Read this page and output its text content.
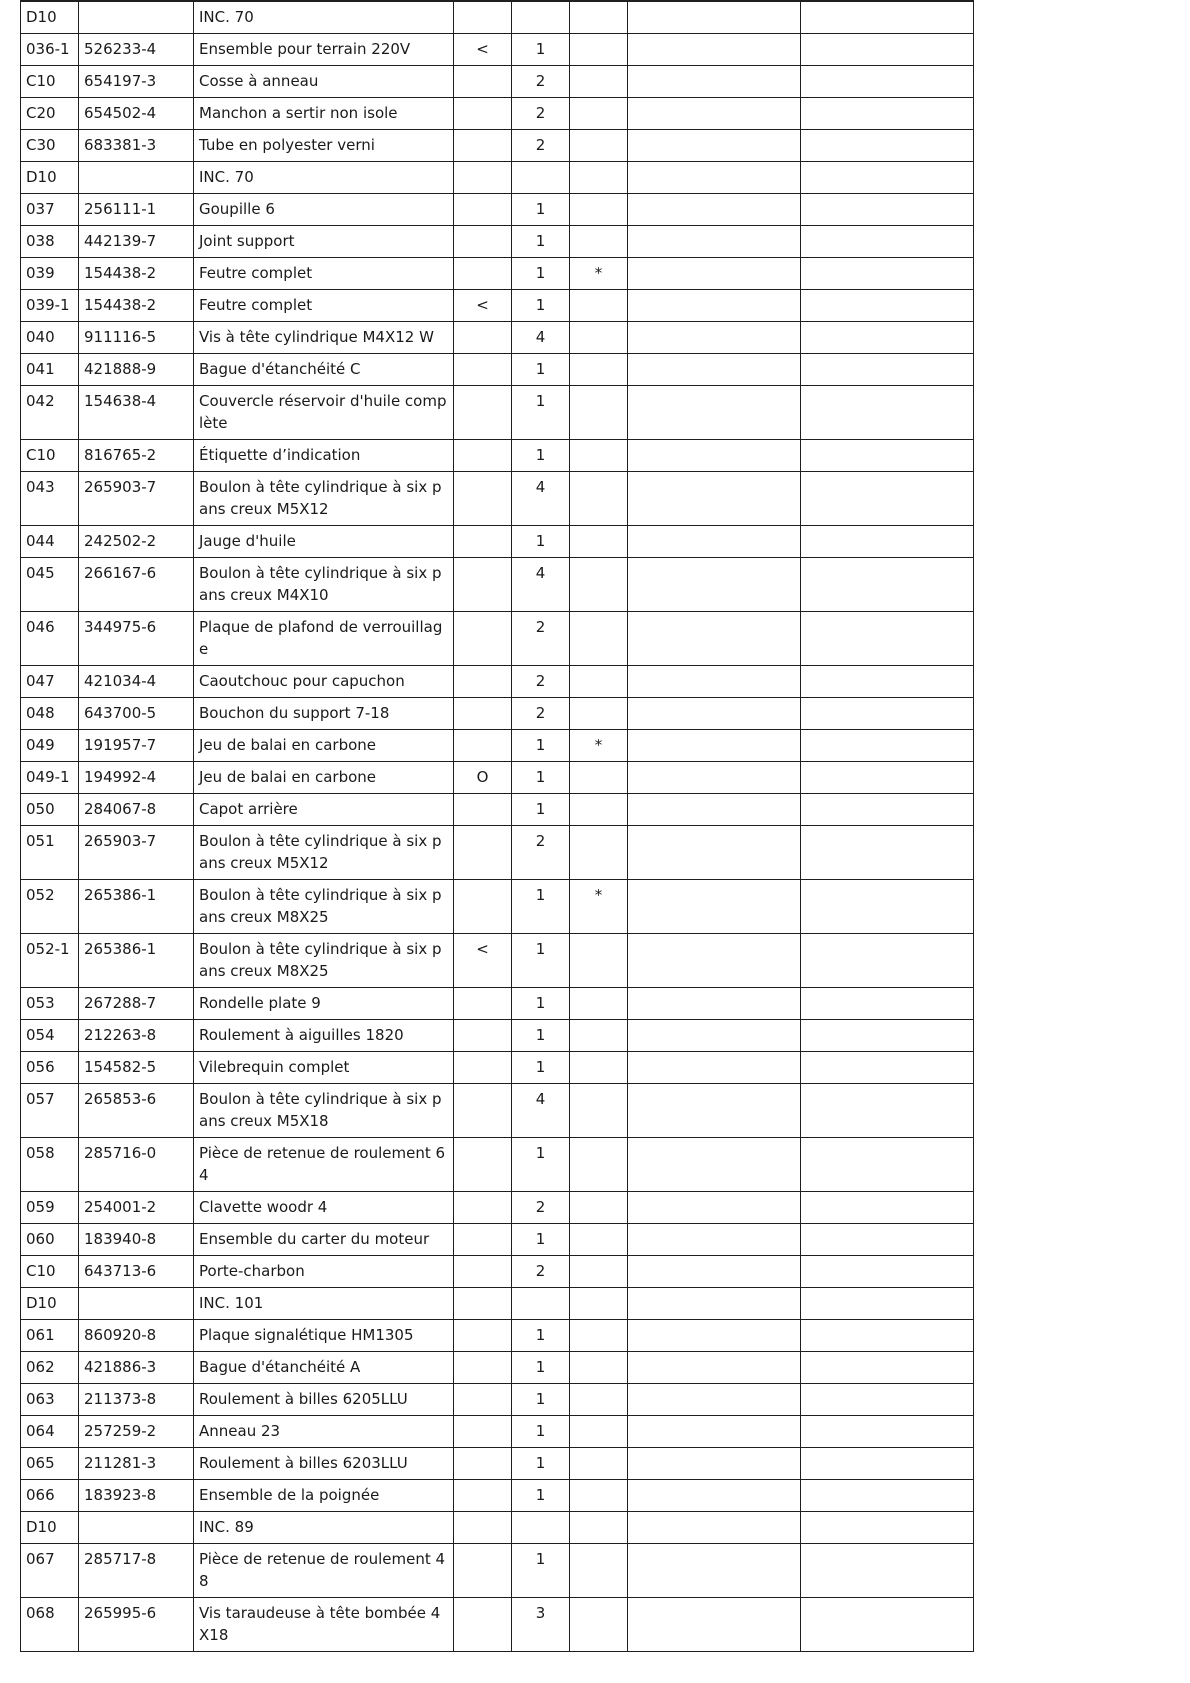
D10		INC. 70					
036-1	526233-4	Ensemble pour terrain 220V	<	1			
C10	654197-3	Cosse à anneau		2			
C20	654502-4	Manchon a sertir non isole		2			
C30	683381-3	Tube en polyester verni		2			
D10		INC. 70					
037	256111-1	Goupille 6		1			
038	442139-7	Joint support		1			
039	154438-2	Feutre complet		1	*		
039-1	154438-2	Feutre complet	<	1			
040	911116-5	Vis à tête cylindrique M4X12 W		4			
041	421888-9	Bague d'étanchéité C		1			
042	154638-4	Couvercle réservoir d'huile complète		1			
C10	816765-2	Étiquette d’indication		1			
043	265903-7	Boulon à tête cylindrique à six pans creux M5X12		4			
044	242502-2	Jauge d'huile		1			
045	266167-6	Boulon à tête cylindrique à six pans creux M4X10		4			
046	344975-6	Plaque de plafond de verrouillage		2			
047	421034-4	Caoutchouc pour capuchon		2			
048	643700-5	Bouchon du support 7-18		2			
049	191957-7	Jeu de balai en carbone		1	*		
049-1	194992-4	Jeu de balai en carbone	O	1			
050	284067-8	Capot arrière		1			
051	265903-7	Boulon à tête cylindrique à six pans creux M5X12		2			
052	265386-1	Boulon à tête cylindrique à six pans creux M8X25		1	*		
052-1	265386-1	Boulon à tête cylindrique à six pans creux M8X25	<	1			
053	267288-7	Rondelle plate 9		1			
054	212263-8	Roulement à aiguilles 1820		1			
056	154582-5	Vilebrequin complet		1			
057	265853-6	Boulon à tête cylindrique à six pans creux M5X18		4			
058	285716-0	Pièce de retenue de roulement 64		1			
059	254001-2	Clavette woodr 4		2			
060	183940-8	Ensemble du carter du moteur		1			
C10	643713-6	Porte-charbon		2			
D10		INC. 101					
061	860920-8	Plaque signalétique HM1305		1			
062	421886-3	Bague d'étanchéité A		1			
063	211373-8	Roulement à billes 6205LLU		1			
064	257259-2	Anneau 23		1			
065	211281-3	Roulement à billes 6203LLU		1			
066	183923-8	Ensemble de la poignée		1			
D10		INC. 89					
067	285717-8	Pièce de retenue de roulement 48		1			
068	265995-6	Vis taraudeuse à tête bombée 4X18		3			
